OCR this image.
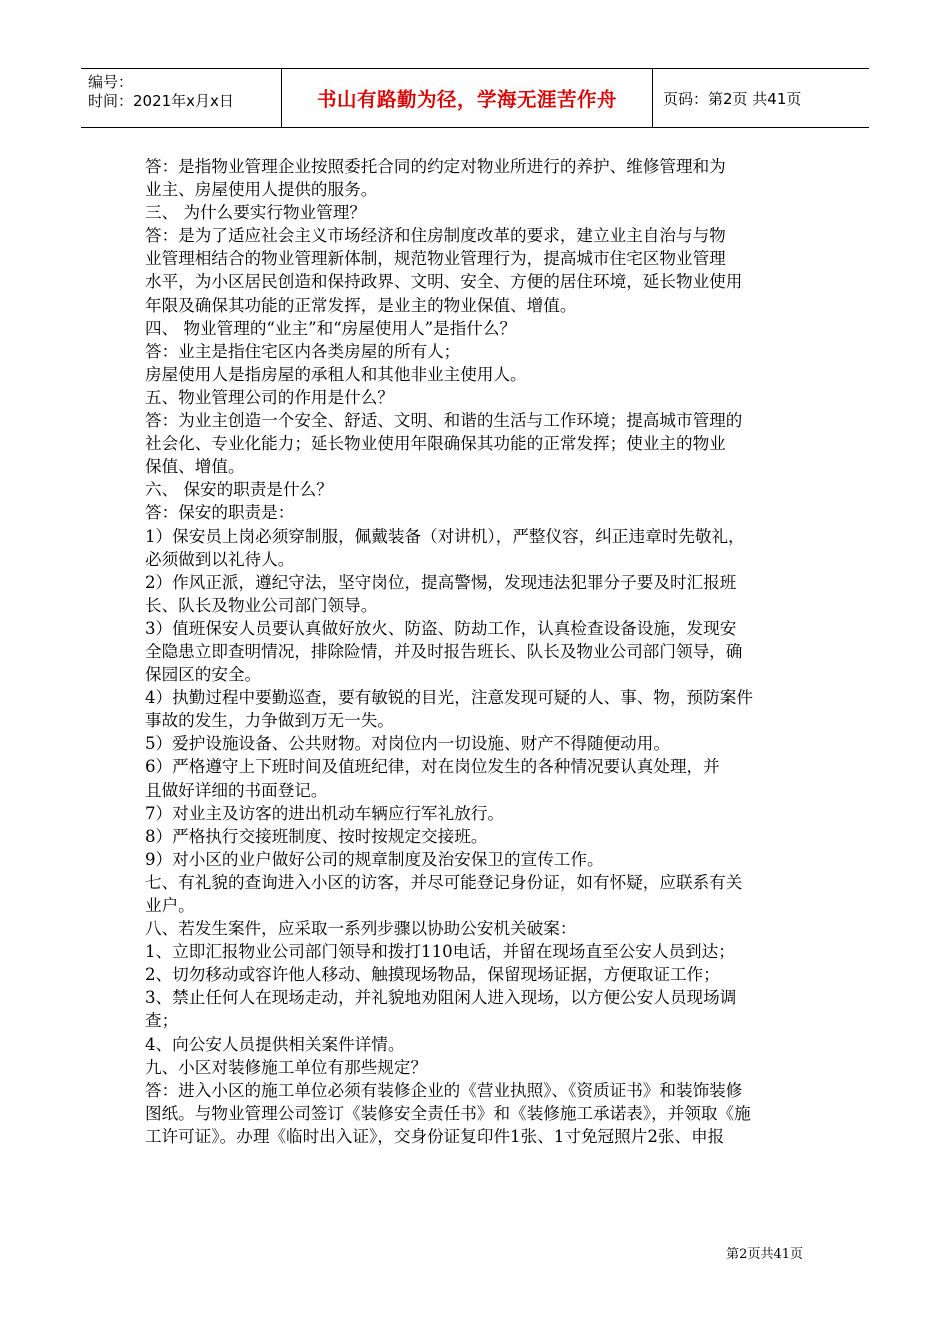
编号：
时间：2021年x月x日	书山有路勤为径，学海无涯苦作舟	页码：第2页 共41页
答：是指物业管理企业按照委托合同的约定对物业所进行的养护、维修管理和为
业主、房屋使用人提供的服务。
三、 为什么要实行物业管理？
答：是为了适应社会主义市场经济和住房制度改革的要求，建立业主自治与与物
业管理相结合的物业管理新体制，规范物业管理行为，提高城市住宅区物业管理
水平，为小区居民创造和保持政界、文明、安全、方便的居住环境，延长物业使用
年限及确保其功能的正常发挥，是业主的物业保值、增值。
四、 物业管理的“业主”和“房屋使用人”是指什么？
答：业主是指住宅区内各类房屋的所有人；
房屋使用人是指房屋的承租人和其他非业主使用人。
五、物业管理公司的作用是什么？
答：为业主创造一个安全、舒适、文明、和谐的生活与工作环境；提高城市管理的
社会化、专业化能力；延长物业使用年限确保其功能的正常发挥；使业主的物业
保值、增值。
六、 保安的职责是什么？
答：保安的职责是：
1）保安员上岗必须穿制服，佩戴装备（对讲机），严整仪容，纠正违章时先敬礼，
必须做到以礼待人。
2）作风正派，遵纪守法，坚守岗位，提高警惕，发现违法犯罪分子要及时汇报班
长、队长及物业公司部门领导。
3）值班保安人员要认真做好放火、防盗、防劫工作，认真检查设备设施，发现安
全隐患立即查明情况，排除险情，并及时报告班长、队长及物业公司部门领导，确
保园区的安全。
4）执勤过程中要勤巡查，要有敏锐的目光，注意发现可疑的人、事、物，预防案件
事故的发生，力争做到万无一失。
5）爱护设施设备、公共财物。对岗位内一切设施、财产不得随便动用。
6）严格遵守上下班时间及值班纪律，对在岗位发生的各种情况要认真处理，并
且做好详细的书面登记。
7）对业主及访客的进出机动车辆应行军礼放行。
8）严格执行交接班制度、按时按规定交接班。
9）对小区的业户做好公司的规章制度及治安保卫的宣传工作。
七、有礼貌的查询进入小区的访客，并尽可能登记身份证，如有怀疑，应联系有关
业户。
八、若发生案件，应采取一系列步骤以协助公安机关破案：
1、立即汇报物业公司部门领导和拨打110电话，并留在现场直至公安人员到达；
2、切勿移动或容许他人移动、触摸现场物品，保留现场证据，方便取证工作；
3、禁止任何人在现场走动，并礼貌地劝阻闲人进入现场，以方便公安人员现场调
查；
4、向公安人员提供相关案件详情。
九、小区对装修施工单位有那些规定？
答：进入小区的施工单位必须有装修企业的《营业执照》、《资质证书》和装饰装修
图纸。与物业管理公司签订《装修安全责任书》和《装修施工承诺表》，并领取《施
工许可证》。办理《临时出入证》，交身份证复印件1张、1寸免冠照片2张、申报
第2页共41页
